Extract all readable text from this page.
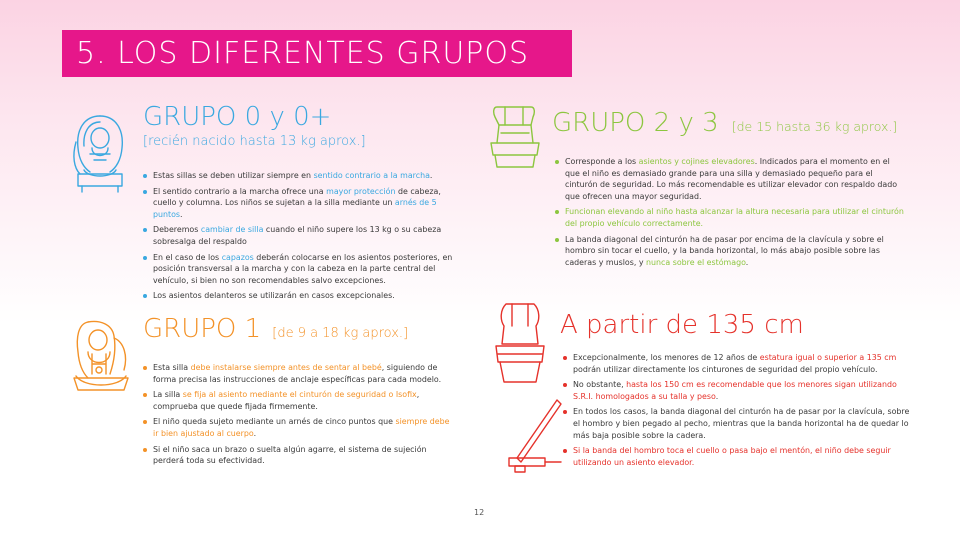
5. LOS DIFERENTES GRUPOS
GRUPO 0 y 0+
[recién nacido hasta 13 kg aprox.]
Estas sillas se deben utilizar siempre en sentido contrario a la marcha.
El sentido contrario a la marcha ofrece una mayor protección de cabeza, cuello y columna. Los niños se sujetan a la silla mediante un arnés de 5 puntos.
Deberemos cambiar de silla cuando el niño supere los 13 kg o su cabeza sobresalga del respaldo
En el caso de los capazos deberán colocarse en los asientos posteriores, en posición transversal a la marcha y con la cabeza en la parte central del vehículo, si bien no son recomendables salvo excepciones.
Los asientos delanteros se utilizarán en casos excepcionales.
GRUPO 1 [de 9 a 18 kg aprox.]
Esta silla debe instalarse siempre antes de sentar al bebé, siguiendo de forma precisa las instrucciones de anclaje específicas para cada modelo.
La silla se fija al asiento mediante el cinturón de seguridad o Isofix, comprueba que quede fijada firmemente.
El niño queda sujeto mediante un arnés de cinco puntos que siempre debe ir bien ajustado al cuerpo.
Si el niño saca un brazo o suelta algún agarre, el sistema de sujeción perderá toda su efectividad.
GRUPO 2 y 3 [de 15 hasta 36 kg aprox.]
Corresponde a los asientos y cojines elevadores. Indicados para el momento en el que el niño es demasiado grande para una silla y demasiado pequeño para el cinturón de seguridad. Lo más recomendable es utilizar elevador con respaldo dado que ofrecen una mayor seguridad.
Funcionan elevando al niño hasta alcanzar la altura necesaria para utilizar el cinturón del propio vehículo correctamente.
La banda diagonal del cinturón ha de pasar por encima de la clavícula y sobre el hombro sin tocar el cuello, y la banda horizontal, lo más abajo posible sobre las caderas y muslos, y nunca sobre el estómago.
A partir de 135 cm
Excepcionalmente, los menores de 12 años de estatura igual o superior a 135 cm podrán utilizar directamente los cinturones de seguridad del propio vehículo.
No obstante, hasta los 150 cm es recomendable que los menores sigan utilizando S.R.I. homologados a su talla y peso.
En todos los casos, la banda diagonal del cinturón ha de pasar por la clavícula, sobre el hombro y bien pegado al pecho, mientras que la banda horizontal ha de quedar lo más baja posible sobre la cadera.
Si la banda del hombro toca el cuello o pasa bajo el mentón, el niño debe seguir utilizando un asiento elevador.
12
